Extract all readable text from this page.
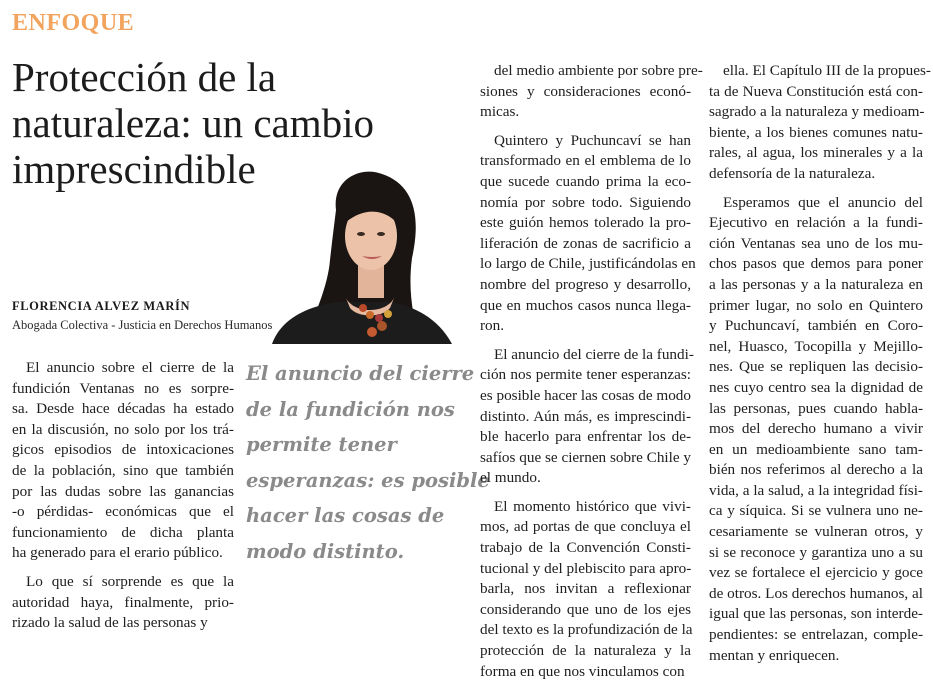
ENFOQUE
Protección de la
naturaleza: un cambio
imprescindible
FLORENCIA ALVEZ MARÍN
Abogada Colectiva - Justicia en Derechos Humanos
El anuncio del cierre
de la fundición nos
permite tener
esperanzas: es posible
hacer las cosas de
modo distinto.
El anuncio sobre el cierre de la
fundición Ventanas no es sorpre-
sa. Desde hace décadas ha estado
en la discusión, no solo por los trá-
gicos episodios de intoxicaciones
de la población, sino que también
por las dudas sobre las ganancias
-o pérdidas- económicas que el
funcionamiento de dicha planta
ha generado para el erario público.
Lo que sí sorprende es que la
autoridad haya, finalmente, prio-
rizado la salud de las personas y
del medio ambiente por sobre pre-
siones y consideraciones econó-
micas.
Quintero y Puchuncaví se han
transformado en el emblema de lo
que sucede cuando prima la eco-
nomía por sobre todo. Siguiendo
este guión hemos tolerado la pro-
liferación de zonas de sacrificio a
lo largo de Chile, justificándolas en
nombre del progreso y desarrollo,
que en muchos casos nunca llega-
ron.
El anuncio del cierre de la fundi-
ción nos permite tener esperanzas:
es posible hacer las cosas de modo
distinto. Aún más, es imprescindi-
ble hacerlo para enfrentar los de-
safíos que se ciernen sobre Chile y
el mundo.
El momento histórico que vivi-
mos, ad portas de que concluya el
trabajo de la Convención Consti-
tucional y del plebiscito para apro-
barla, nos invitan a reflexionar
considerando que uno de los ejes
del texto es la profundización de la
protección de la naturaleza y la
forma en que nos vinculamos con
ella. El Capítulo III de la propues-
ta de Nueva Constitución está con-
sagrado a la naturaleza y medioam-
biente, a los bienes comunes natu-
rales, al agua, los minerales y a la
defensoría de la naturaleza.
Esperamos que el anuncio del
Ejecutivo en relación a la fundi-
ción Ventanas sea uno de los mu-
chos pasos que demos para poner
a las personas y a la naturaleza en
primer lugar, no solo en Quintero
y Puchuncaví, también en Coro-
nel, Huasco, Tocopilla y Mejillo-
nes. Que se repliquen las decisio-
nes cuyo centro sea la dignidad de
las personas, pues cuando habla-
mos del derecho humano a vivir
en un medioambiente sano tam-
bién nos referimos al derecho a la
vida, a la salud, a la integridad físi-
ca y síquica. Si se vulnera uno ne-
cesariamente se vulneran otros, y
si se reconoce y garantiza uno a su
vez se fortalece el ejercicio y goce
de otros. Los derechos humanos, al
igual que las personas, son interde-
pendientes: se entrelazan, comple-
mentan y enriquecen.
